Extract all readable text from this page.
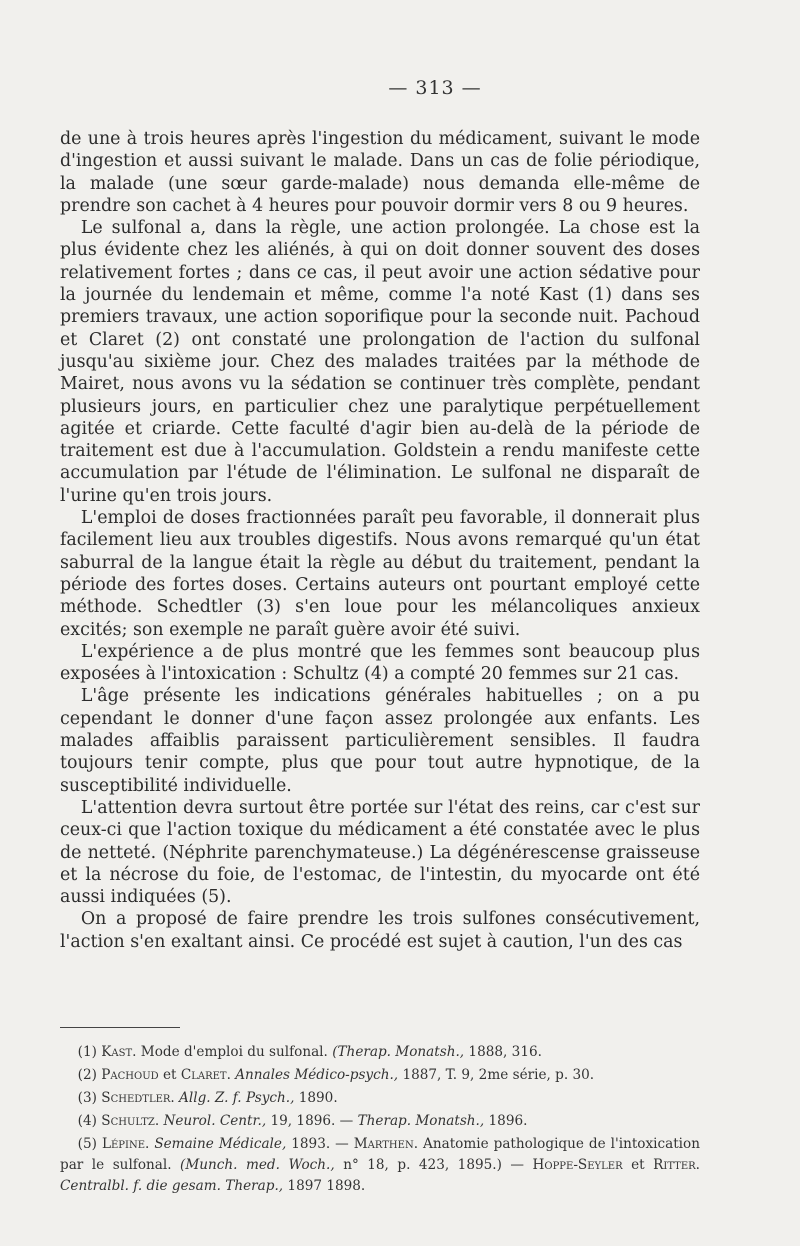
— 313 —

de une à trois heures après l'ingestion du médicament, suivant le mode d'ingestion et aussi suivant le malade. Dans un cas de folie périodique, la malade (une sœur garde-malade) nous demanda elle-même de prendre son cachet à 4 heures pour pouvoir dormir vers 8 ou 9 heures.

Le sulfonal a, dans la règle, une action prolongée. La chose est la plus évidente chez les aliénés, à qui on doit donner souvent des doses relativement fortes ; dans ce cas, il peut avoir une action sédative pour la journée du lendemain et même, comme l'a noté Kast (1) dans ses premiers travaux, une action soporifique pour la seconde nuit. Pachoud et Claret (2) ont constaté une prolongation de l'action du sulfonal jusqu'au sixième jour. Chez des malades traitées par la méthode de Mairet, nous avons vu la sédation se continuer très complète, pendant plusieurs jours, en particulier chez une paralytique perpétuellement agitée et criarde. Cette faculté d'agir bien au-delà de la période de traitement est due à l'accumulation. Goldstein a rendu manifeste cette accumulation par l'étude de l'élimination. Le sulfonal ne disparaît de l'urine qu'en trois jours.

L'emploi de doses fractionnées paraît peu favorable, il donnerait plus facilement lieu aux troubles digestifs. Nous avons remarqué qu'un état saburral de la langue était la règle au début du traitement, pendant la période des fortes doses. Certains auteurs ont pourtant employé cette méthode. Schedtler (3) s'en loue pour les mélancoliques anxieux excités; son exemple ne paraît guère avoir été suivi.

L'expérience a de plus montré que les femmes sont beaucoup plus exposées à l'intoxication : Schultz (4) a compté 20 femmes sur 21 cas.

L'âge présente les indications générales habituelles ; on a pu cependant le donner d'une façon assez prolongée aux enfants. Les malades affaiblis paraissent particulièrement sensibles. Il faudra toujours tenir compte, plus que pour tout autre hypnotique, de la susceptibilité individuelle.

L'attention devra surtout être portée sur l'état des reins, car c'est sur ceux-ci que l'action toxique du médicament a été constatée avec le plus de netteté. (Néphrite parenchymateuse.) La dégénérescense graisseuse et la nécrose du foie, de l'estomac, de l'intestin, du myocarde ont été aussi indiquées (5).

On a proposé de faire prendre les trois sulfones consécutivement, l'action s'en exaltant ainsi. Ce procédé est sujet à caution, l'un des cas

(1) Kast. Mode d'emploi du sulfonal. (Therap. Monatsh., 1888, 316.

(2) Pachoud et Claret. Annales Médico-psych., 1887, T. 9, 2me série, p. 30.

(3) Schedtler. Allg. Z. f. Psych., 1890.

(4) Schultz. Neurol. Centr., 19, 1896. — Therap. Monatsh., 1896.

(5) Lépine. Semaine Médicale, 1893. — Marthen. Anatomie pathologique de l'intoxication par le sulfonal. (Munch. med. Woch., n° 18, p. 423, 1895.) — Hoppe-Seyler et Ritter. Centralbl. f. die gesam. Therap., 1897 1898.
